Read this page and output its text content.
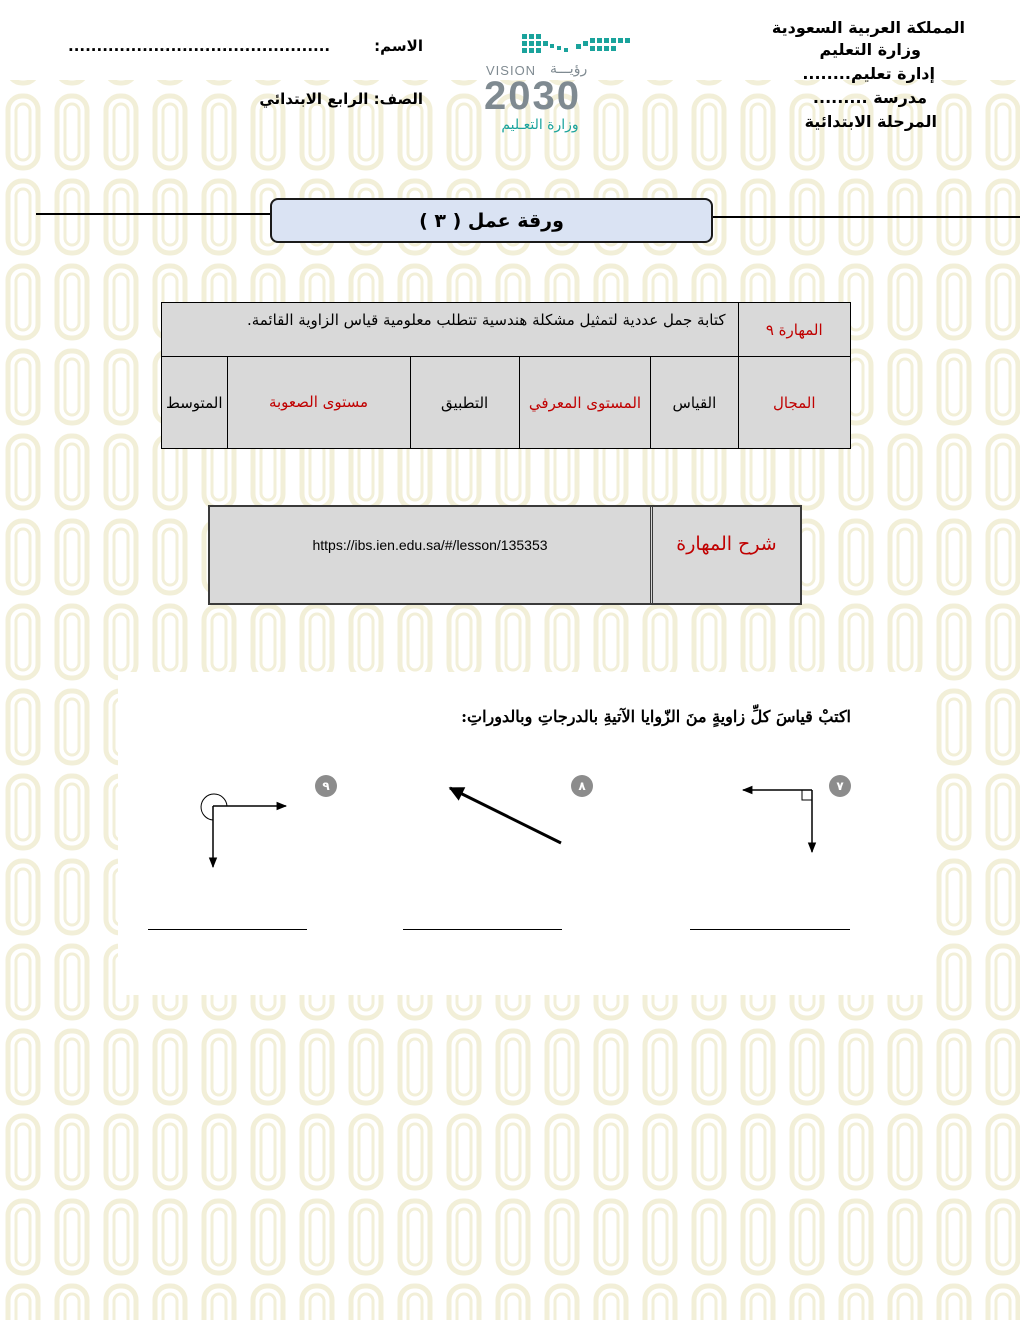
المملكة العربية السعودية
وزارة التعليم
إدارة تعليم........
مدرسة .........
المرحلة الابتدائية
الاسم:
..............................................
الصف: الرابع الابتدائي
VISION رؤيـــة
2030
وزارة التعـليم
ورقة عمل ( ٣ )
المهارة ٩	كتابة جمل عددية لتمثيل مشكلة هندسية تتطلب معلومية قياس الزاوية القائمة.				
المجال	القياس	المستوى المعرفي	التطبيق	مستوى الصعوبة	المتوسط
https://ibs.ien.edu.sa/#/lesson/135353	شرح المهارة
اكتبْ قياسَ كلِّ زاويةٍ منَ الزّوايا الآتيةِ بالدرجاتِ وبالدوراتِ:
٧
٨
٩
